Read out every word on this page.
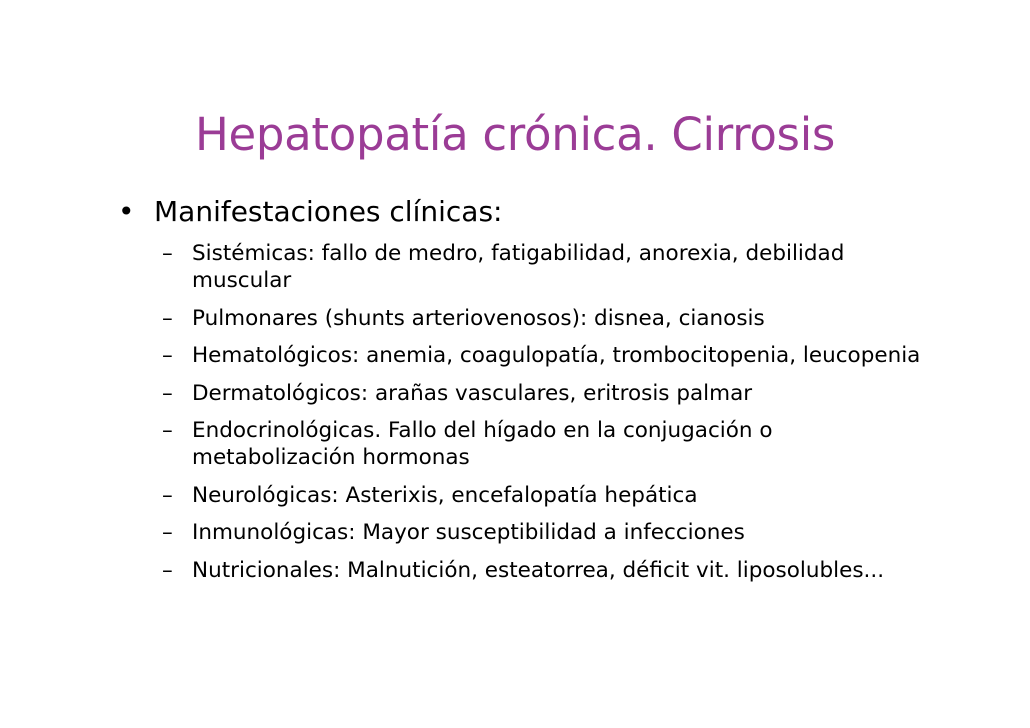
Hepatopatía crónica. Cirrosis
• Manifestaciones clínicas:
– Sistémicas: fallo de medro, fatigabilidad, anorexia, debilidad muscular
– Pulmonares (shunts arteriovenosos): disnea, cianosis
– Hematológicos: anemia, coagulopatía, trombocitopenia, leucopenia
– Dermatológicos: arañas vasculares, eritrosis palmar
– Endocrinológicas. Fallo del hígado en la conjugación o metabolización hormonas
– Neurológicas: Asterixis, encefalopatía hepática
– Inmunológicas: Mayor susceptibilidad a infecciones
– Nutricionales: Malnutición, esteatorrea, déficit vit. liposolubles...
